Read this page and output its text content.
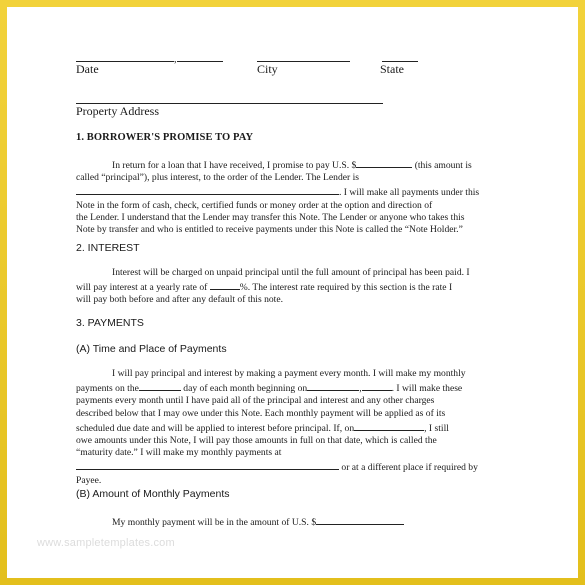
,
Date	City	State
Property Address
1. BORROWER'S PROMISE TO PAY
In return for a loan that I have received, I promise to pay U.S. $	(this amount is
called “principal”), plus interest, to the order of the Lender. The Lender is
. I will make all payments under this
Note in the form of cash, check, certified funds or money order at the option and direction of
the Lender. I understand that the Lender may transfer this Note. The Lender or anyone who takes this
Note by transfer and who is entitled to receive payments under this Note is called the “Note Holder.”
2. INTEREST
Interest will be charged on unpaid principal until the full amount of principal has been paid. I
will pay interest at a yearly rate of	%. The interest rate required by this section is the rate I
will pay both before and after any default of this note.
3. PAYMENTS
(A) Time and Place of Payments
I will pay principal and interest by making a payment every month. I will make my monthly
payments on the	day of each month beginning on	,	. I will make these
payments every month until I have paid all of the principal and interest and any other charges
described below that I may owe under this Note. Each monthly payment will be applied as of its
scheduled due date and will be applied to interest before principal. If, on	, I still
owe amounts under this Note, I will pay those amounts in full on that date, which is called the
“maturity date.” I will make my monthly payments at
or at a different place if required by
Payee.
(B) Amount of Monthly Payments
My monthly payment will be in the amount of U.S. $
www.sampletemplates.com
